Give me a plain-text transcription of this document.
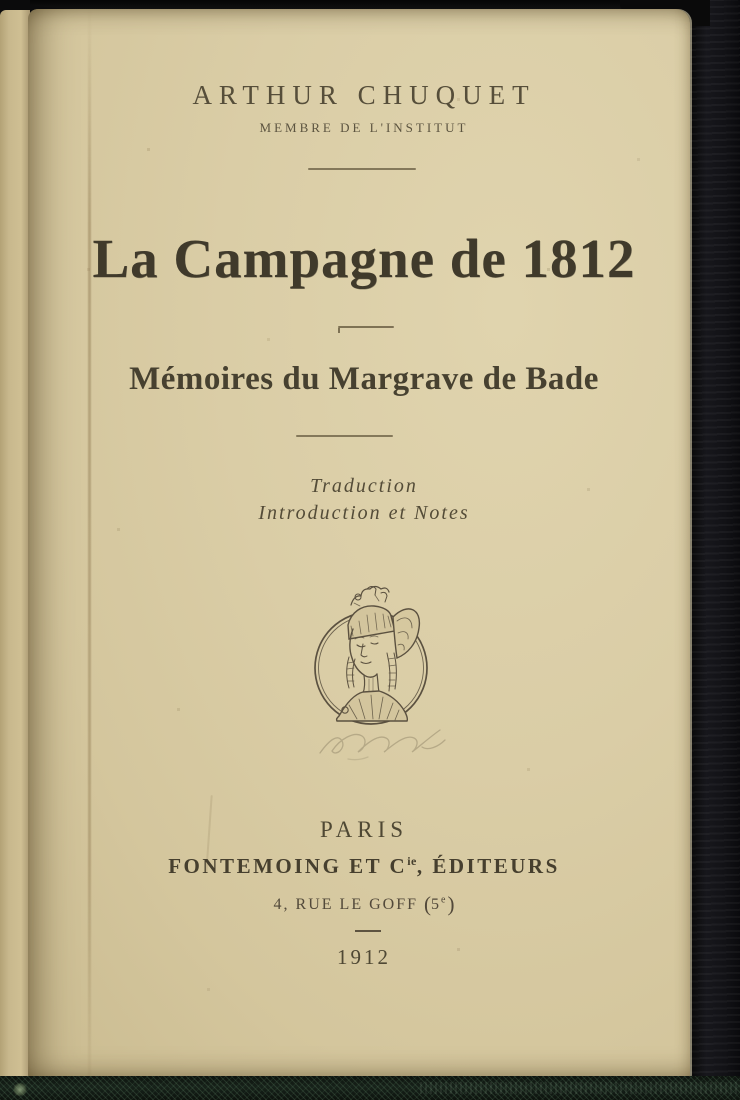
ARTHUR CHUQUET
MEMBRE DE L'INSTITUT
La Campagne de 1812
Mémoires du Margrave de Bade
Traduction
Introduction et Notes
PARIS
FONTEMOING ET $C^{ie}$, ÉDITEURS
4, RUE LE GOFF (5e)
1912
